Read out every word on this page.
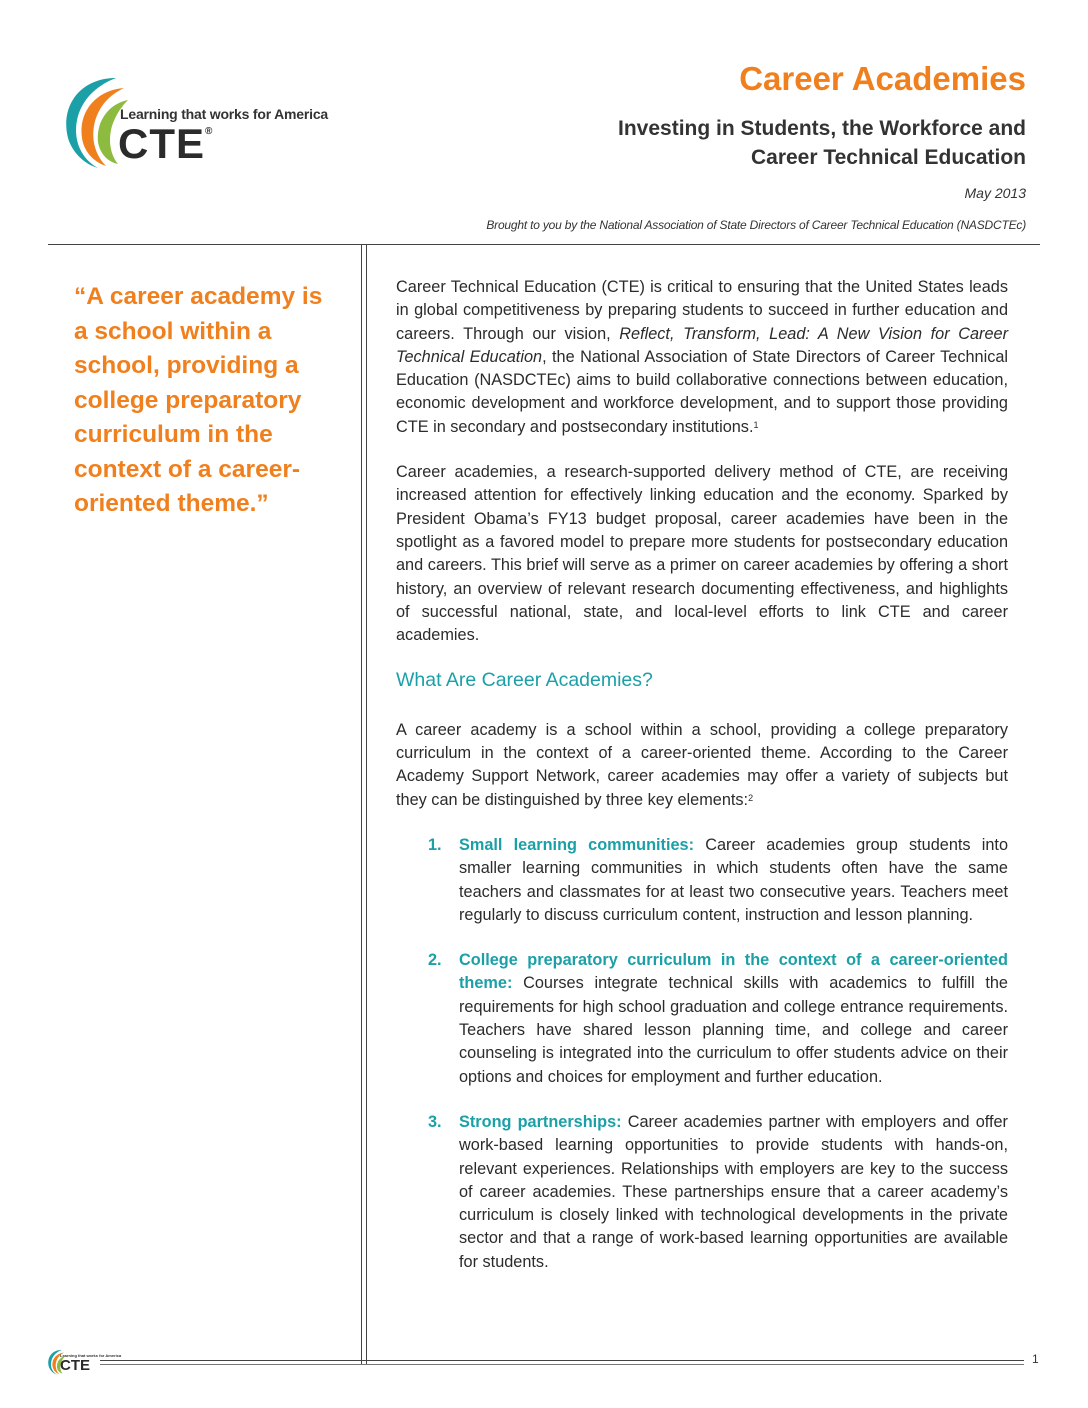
Learning that works for America
CTE®
Career Academies
Investing in Students, the Workforce and
Career Technical Education
May 2013
Brought to you by the National Association of State Directors of Career Technical Education (NASDCTEc)
“A career academy is a school within a school, providing a college preparatory curriculum in the context of a career-oriented theme.”

Career Technical Education (CTE) is critical to ensuring that the United States leads in global competitiveness by preparing students to succeed in further education and careers. Through our vision, Reflect, Transform, Lead: A New Vision for Career Technical Education, the National Association of State Directors of Career Technical Education (NASDCTEc) aims to build collaborative connections between education, economic development and workforce development, and to support those providing CTE in secondary and postsecondary institutions.$^1$

Career academies, a research-supported delivery method of CTE, are receiving increased attention for effectively linking education and the economy. Sparked by President Obama’s FY13 budget proposal, career academies have been in the spotlight as a favored model to prepare more students for postsecondary education and careers. This brief will serve as a primer on career academies by offering a short history, an overview of relevant research documenting effectiveness, and highlights of successful national, state, and local-level efforts to link CTE and career academies.

What Are Career Academies?

A career academy is a school within a school, providing a college preparatory curriculum in the context of a career-oriented theme. According to the Career Academy Support Network, career academies may offer a variety of subjects but they can be distinguished by three key elements:$^2$

1. Small learning communities: Career academies group students into smaller learning communities in which students often have the same teachers and classmates for at least two consecutive years. Teachers meet regularly to discuss curriculum content, instruction and lesson planning.
2. College preparatory curriculum in the context of a career-oriented theme: Courses integrate technical skills with academics to fulfill the requirements for high school graduation and college entrance requirements. Teachers have shared lesson planning time, and college and career counseling is integrated into the curriculum to offer students advice on their options and choices for employment and further education.
3. Strong partnerships: Career academies partner with employers and offer work-based learning opportunities to provide students with hands-on, relevant experiences. Relationships with employers are key to the success of career academies. These partnerships ensure that a career academy’s curriculum is closely linked with technological developments in the private sector and that a range of work-based learning opportunities are available for students.
Learning that works for America
CTE	1
